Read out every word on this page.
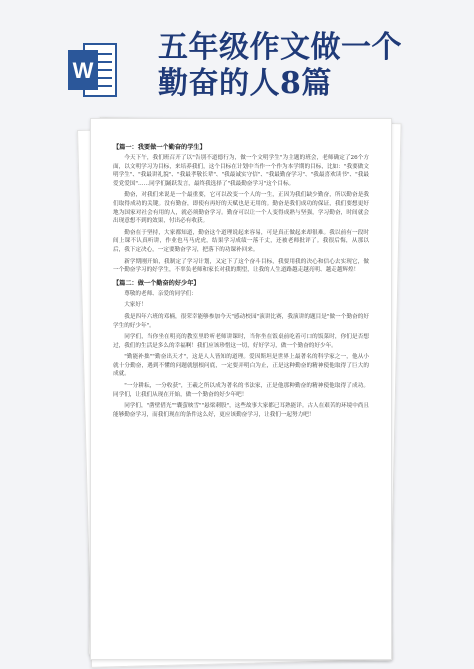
W
五年级作文做一个
勤奋的人8篇
【篇一：我要做一个勤奋的学生】

今天下午，我们班召开了以"告别不道德行为，做一个文明学生"为主题的班会，老师确定了26个方面，以文明学习为目标，来培养我们，这个目标在计划中当作一个作为本学期的目标，比如："我要做文明学生"、"我最讲礼貌"、"我最孝敬长辈"、"我最诚实守信"、"我最勤奋学习"、"我最喜欢读书"、"我最爱党爱国"……同学们踊跃发言，最终我选择了"我最勤奋学习"这个目标。

勤奋，对我们来说是一个最重要，它可以改变一个人的一生，正因为我们缺少勤奋，所以勤奋是我们取得成功的关键。没有勤奋，即使有再好的天赋也是无用的。勤奋是我们成功的保证，我们要想更好地为国家对社会有用的人，就必须勤奋学习。勤奋可以让一个人变得成熟与坚强，学习勤奋，时间就会出现意想不到的效果，付出必有收获。

勤奋在于坚持，大家都知道，勤奋这个道理说起来容易，可是真正做起来却很难。我以前有一段时间上课不认真听讲，作业也马马虎虎，结果学习成绩一落千丈，还被老师批评了。我很后悔，从那以后，我下定决心，一定要勤奋学习，把落下的功课补回来。

新学期刚开始，我制定了学习计划，又定下了这个奋斗目标，我要用我的决心和信心去实现它，做一个勤奋学习的好学生，不辜负老师和家长对我的期望，让我的人生道路越走越亮明、越走越辉煌！

【篇二：做一个勤奋的好少年】

尊敬的老师、亲爱的同学们：

大家好！

我是四年六班的邓楠，很荣幸能够参加今天"感动校园"演讲比赛，我演讲的题目是"做一个勤奋的好学生的好少年"。

同学们，当你坐在明亮的教室里聆听老师讲课时，当你坐在饭桌前吃着可口的饭菜时，你们是否想过，我们的生活是多么的幸福啊！我们应该珍惜这一切，好好学习，做一个勤奋的好少年。

"勤能补拙""勤奋出天才"，这是人人皆知的道理。爱因斯坦是世界上最著名的科学家之一，他从小就十分勤奋，遇到不懂的问题就刨根问底，一定要弄明白为止，正是这种勤奋的精神使他取得了巨大的成就。

"一分耕耘，一分收获"，王羲之所以成为著名的书法家，正是他那种勤奋的精神使他取得了成功。同学们，让我们从现在开始，做一个勤奋的好少年吧！

同学们，"凿壁借光""囊萤映雪""悬梁刺股"，这些故事大家都已耳熟能详。古人在艰苦的环境中尚且能够勤奋学习，而我们现在的条件这么好，更应该勤奋学习，让我们一起努力吧！
